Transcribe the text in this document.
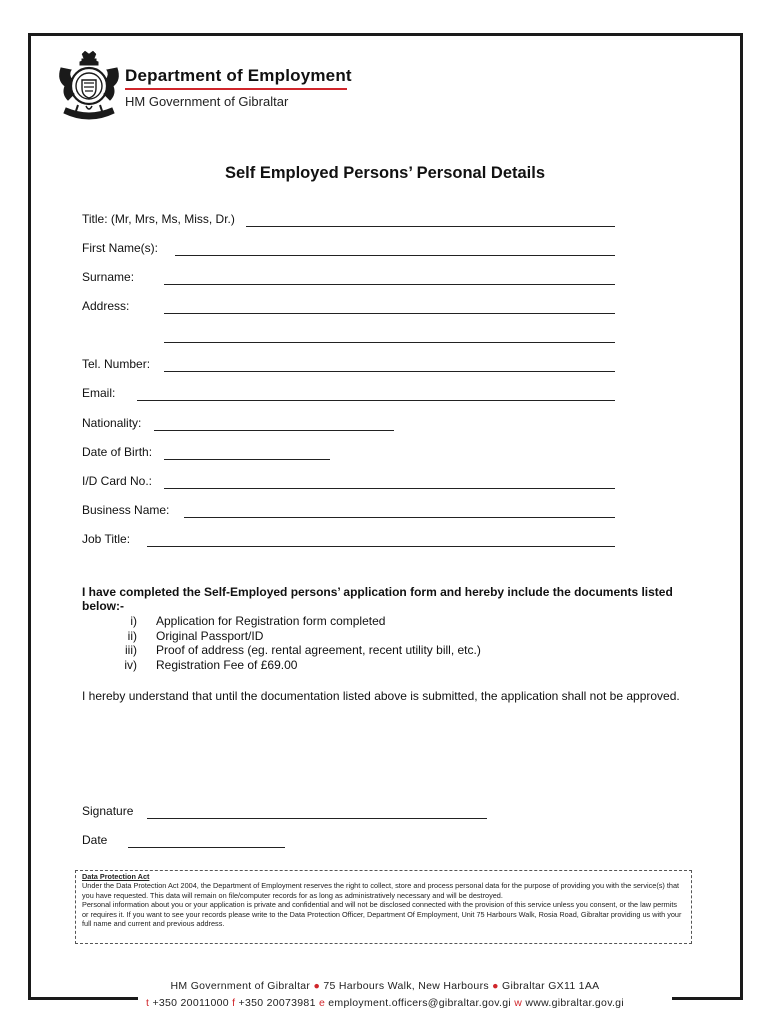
Department of Employment
HM Government of Gibraltar
Self Employed Persons’ Personal Details
Title: (Mr, Mrs, Ms, Miss, Dr.)
First Name(s):
Surname:
Address:
Tel. Number:
Email:
Nationality:
Date of Birth:
I/D Card No.:
Business Name:
Job Title:
I have completed the Self-Employed persons’ application form and hereby include the documents listed below:-
i) Application for Registration form completed
ii) Original Passport/ID
iii) Proof of address (eg. rental agreement, recent utility bill, etc.)
iv) Registration Fee of £69.00
I hereby understand that until the documentation listed above is submitted, the application shall not be approved.
Signature
Date
Data Protection Act
Under the Data Protection Act 2004, the Department of Employment reserves the right to collect, store and process personal data for the purpose of providing you with the service(s) that you have requested. This data will remain on file/computer records for as long as administratively necessary and will be destroyed.
Personal information about you or your application is private and confidential and will not be disclosed connected with the provision of this service unless you consent, or the law permits or requires it. If you want to see your records please write to the Data Protection Officer, Department Of Employment, Unit 75 Harbours Walk, Rosia Road, Gibraltar providing us with your full name and current and previous address.
HM Government of Gibraltar ● 75 Harbours Walk, New Harbours ● Gibraltar GX11 1AA
t +350 20011000 f +350 20073981 e employment.officers@gibraltar.gov.gi w www.gibraltar.gov.gi
